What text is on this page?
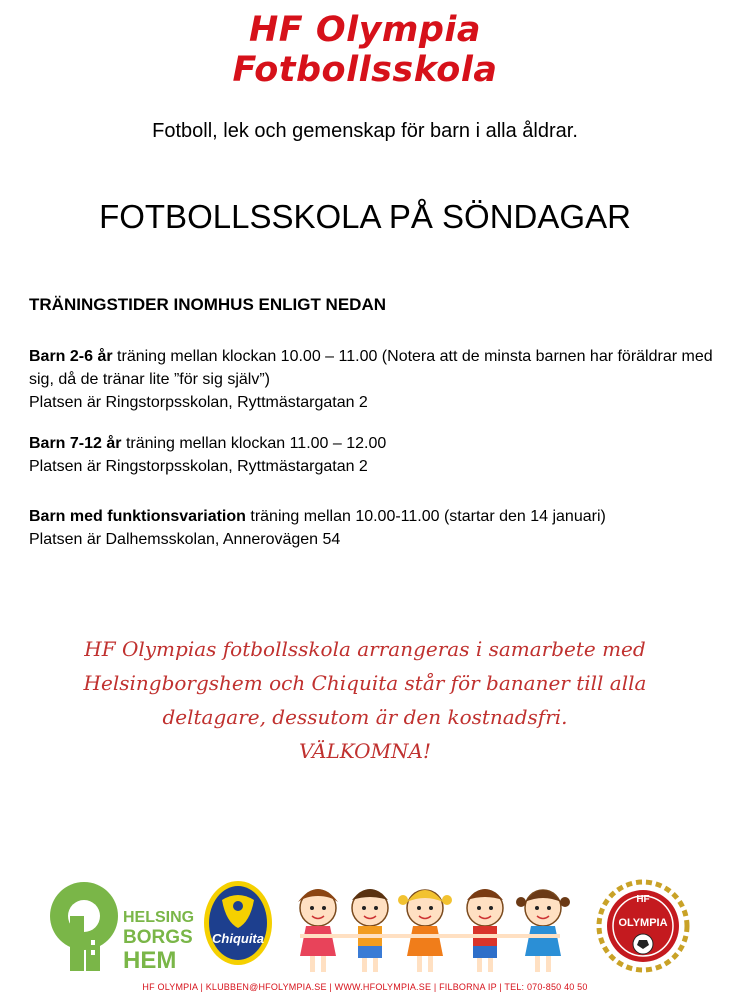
HF Olympia
Fotbollsskola
Fotboll, lek och gemenskap för barn i alla åldrar.
FOTBOLLSSKOLA PÅ SÖNDAGAR
TRÄNINGSTIDER INOMHUS ENLIGT NEDAN
Barn 2-6 år träning mellan klockan 10.00 – 11.00 (Notera att de minsta barnen har föräldrar med sig, då de tränar lite ”för sig själv”)
Platsen är Ringstorpsskolan, Ryttmästargatan 2
Barn 7-12 år träning mellan klockan 11.00 – 12.00
Platsen är Ringstorpsskolan, Ryttmästargatan 2
Barn med funktionsvariation träning mellan 10.00-11.00 (startar den 14 januari)
Platsen är Dalhemsskolan, Annerovägen 54
HF Olympias fotbollsskola arrangeras i samarbete med
Helsingborgshem och Chiquita står för bananer till alla
deltagare, dessutom är den kostnadsfri.
VÄLKOMNA!
HELSING
BORGS
HEM
Chiquita
HF
OLYMPIA
HF OLYMPIA | KLUBBEN@HFOLYMPIA.SE | WWW.HFOLYMPIA.SE | FILBORNA IP | TEL: 070-850 40 50
